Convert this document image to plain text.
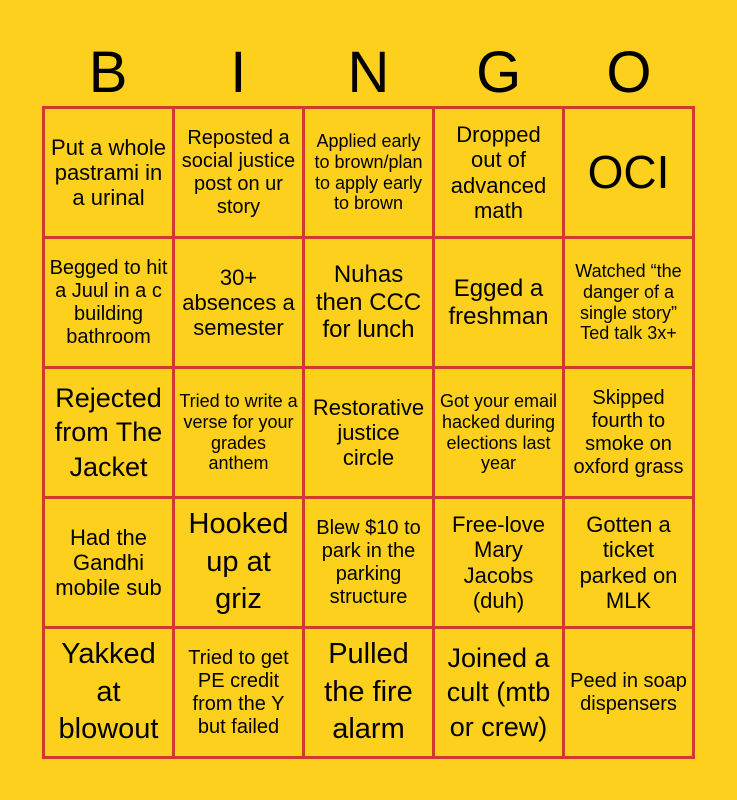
B	I	N	G	O
Put a whole pastrami in a urinal
Reposted a social justice post on ur story
Applied early to brown/plan to apply early to brown
Dropped out of advanced math
OCI
Begged to hit a Juul in a c building bathroom
30+ absences a semester
Nuhas then CCC for lunch
Egged a freshman
Watched “the danger of a single story” Ted talk 3x+
Rejected from The Jacket
Tried to write a verse for your grades anthem
Restorative justice circle
Got your email hacked during elections last year
Skipped fourth to smoke on oxford grass
Had the Gandhi mobile sub
Hooked up at griz
Blew $10 to park in the parking structure
Free-love Mary Jacobs (duh)
Gotten a ticket parked on MLK
Yakked at blowout
Tried to get PE credit from the Y but failed
Pulled the fire alarm
Joined a cult (mtb or crew)
Peed in soap dispensers
